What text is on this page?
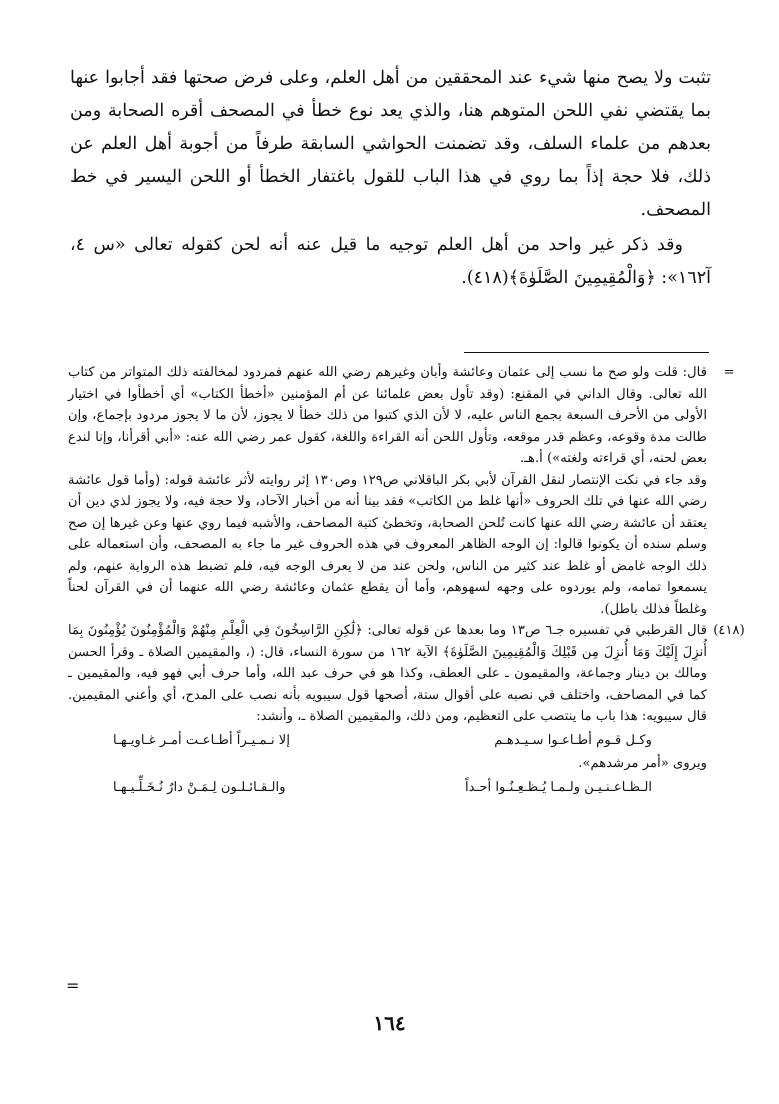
تثبت ولا يصح منها شيء عند المحققين من أهل العلم، وعلى فرض صحتها فقد أجابوا عنها بما يقتضي نفي اللحن المتوهم هنا، والذي يعد نوع خطأ في المصحف أقره الصحابة ومن بعدهم من علماء السلف، وقد تضمنت الحواشي السابقة طرفاً من أجوبة أهل العلم عن ذلك، فلا حجة إذاً بما روي في هذا الباب للقول باغتفار الخطأ أو اللحن اليسير في خط المصحف.

وقد ذكر غير واحد من أهل العلم توجيه ما قيل عنه أنه لحن كقوله تعالى «س ٤، آ١٦٢»: ﴿وَالْمُقِيمِينَ الصَّلَوٰةَ﴾(٤١٨).

=

قال: قلت ولو صح ما نسب إلى عثمان وعائشة وأبان وغيرهم رضي الله عنهم فمردود لمخالفته ذلك المتواتر من كتاب الله تعالى. وقال الداني في المقنع: (وقد تأول بعض علمائنا عن أم المؤمنين «أخطأ الكتاب» أي أخطأوا في اختيار الأولى من الأحرف السبعة بجمع الناس عليه، لا لأن الذي كتبوا من ذلك خطأ لا يجوز، لأن ما لا يجوز مردود بإجماع، وإن طالت مدة وقوعه، وعظم قدر موقعه، وتأول اللحن أنه القراءة واللغة، كقول عمر رضي الله عنه: «أبي أقرأنا، وإنا لندع بعض لحنه، أي قراءته ولغته») أ.هـ.

وقد جاء في نكت الإنتصار لنقل القرآن لأبي بكر الباقلاني ص١٢٩ وص١٣٠ إثر روايته لأثر عائشة قوله: (وأما قول عائشة رضي الله عنها في تلك الحروف «أنها غلط من الكاتب» فقد بينا أنه من أخبار الآحاد، ولا حجة فيه، ولا يجوز لذي دين أن يعتقد أن عائشة رضي الله عنها كانت تُلحن الصحابة، وتخطئ كتبة المصاحف، والأشبه فيما روي عنها وعن غيرها إن صح وسلم سنده أن يكونوا قالوا: إن الوجه الظاهر المعروف في هذه الحروف غير ما جاء به المصحف، وأن استعماله على ذلك الوجه غامض أو غلط عند كثير من الناس، ولحن عند من لا يعرف الوجه فيه، فلم تضبط هذه الرواية عنهم، ولم يسمعوا تمامه، ولم يوردوه على وجهه لسهوهم، وأما أن يقطع عثمان وعائشة رضي الله عنهما أن في القرآن لحناً وغلطاً فذلك باطل).

(٤١٨)

قال القرطبي في تفسيره جـ٦ ص١٣ وما بعدها عن قوله تعالى: ﴿لَٰكِنِ الرَّاسِخُونَ فِي الْعِلْمِ مِنْهُمْ وَالْمُؤْمِنُونَ يُؤْمِنُونَ بِمَا أُنزِلَ إِلَيْكَ وَمَا أُنزِلَ مِن قَبْلِكَ وَالْمُقِيمِينَ الصَّلَوٰةَ﴾ الآية ١٦٢ من سورة النساء، قال: (، والمقيمين الصلاة ـ وقرأ الحسن ومالك بن دينار وجماعة، والمقيمون ـ على العطف، وكذا هو في حرف عبد الله، وأما حرف أبي فهو فيه، والمقيمين ـ كما في المصاحف، واختلف في نصبه على أقوال ستة، أصحها قول سيبويه بأنه نصب على المدح، أي وأعني المقيمين. قال سيبويه: هذا باب ما ينتصب على التعظيم، ومن ذلك، والمقيمين الصلاة ـ، وأنشد:

وكـل قـوم أطـاعـوا سـيـدهـم
إلا نـمـيـراً أطـاعـت أمـر غـاويـهـا

ويروى «أمر مرشدهم».

الـظـاعـنـيـن ولـمـا يُـظـعِـنُـوا أحـداً
والـقـائـلـون لِـمَـنْ دارٌ نُـخَـلِّـيـهـا
=
١٦٤
